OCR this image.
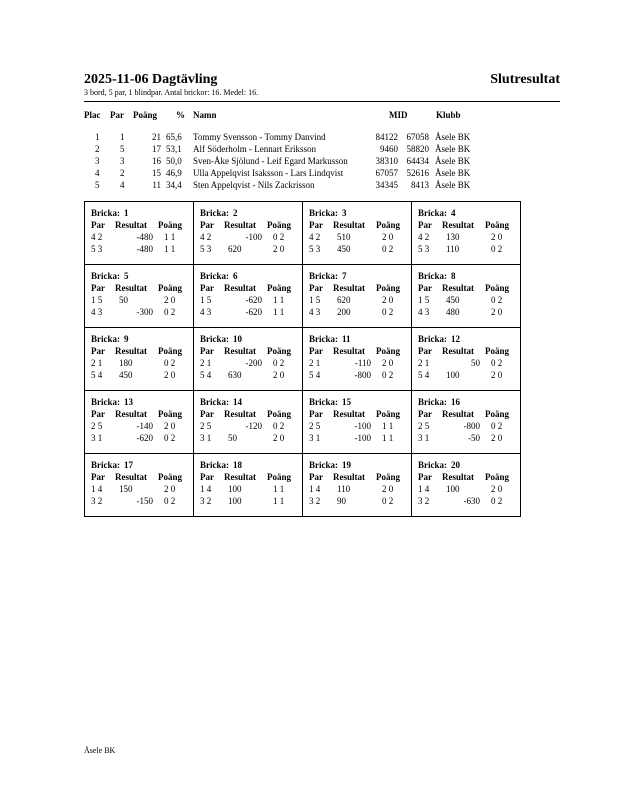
2025-11-06 Dagtävling	Slutresultat
3 bord, 5 par, 1 blindpar. Antal brickor: 16. Medel: 16.
Plac Par Poäng % Namn	MID	Klubb
1 1	21 65,6 Tommy Svensson - Tommy Danvind	84122 67058 Åsele BK
2 5	17 53,1 Alf Söderholm - Lennart Eriksson	9460 58820 Åsele BK
3 3	16 50,0 Sven-Åke Sjölund - Leif Egard Markusson	38310 64434 Åsele BK
4 2	15 46,9 Ulla Appelqvist Isaksson - Lars Lindqvist	67057 52616 Åsele BK
5 4	11 34,4 Sten Appelqvist - Nils Zackrisson	34345 8413 Åsele BK
Bricka: 1
Par Resultat Poäng
4 2	-480 1 1
5 3	-480 1 1
Bricka: 2
Par Resultat Poäng
4 2	-100 0 2
5 3 620	2 0
Bricka: 3
Par Resultat Poäng
4 2 510	2 0
5 3 450	0 2
Bricka: 4
Par Resultat Poäng
4 2 130	2 0
5 3 110	0 2
Bricka: 5
Par Resultat Poäng
1 5 50	2 0
4 3	-300 0 2
Bricka: 6
Par Resultat Poäng
1 5	-620 1 1
4 3	-620 1 1
Bricka: 7
Par Resultat Poäng
1 5 620	2 0
4 3 200	0 2
Bricka: 8
Par Resultat Poäng
1 5 450	0 2
4 3 480	2 0
Bricka: 9
Par Resultat Poäng
2 1 180	0 2
5 4 450	2 0
Bricka: 10
Par Resultat Poäng
2 1	-200 0 2
5 4 630	2 0
Bricka: 11
Par Resultat Poäng
2 1	-110 2 0
5 4	-800 0 2
Bricka: 12
Par Resultat Poäng
2 1	50 0 2
5 4 100	2 0
Bricka: 13
Par Resultat Poäng
2 5	-140 2 0
3 1	-620 0 2
Bricka: 14
Par Resultat Poäng
2 5	-120 0 2
3 1 50	2 0
Bricka: 15
Par Resultat Poäng
2 5	-100 1 1
3 1	-100 1 1
Bricka: 16
Par Resultat Poäng
2 5	-800 0 2
3 1	-50 2 0
Bricka: 17
Par Resultat Poäng
1 4 150	2 0
3 2	-150 0 2
Bricka: 18
Par Resultat Poäng
1 4 100	1 1
3 2 100	1 1
Bricka: 19
Par Resultat Poäng
1 4 110	2 0
3 2 90	0 2
Bricka: 20
Par Resultat Poäng
1 4 100	2 0
3 2	-630 0 2
Åsele BK
